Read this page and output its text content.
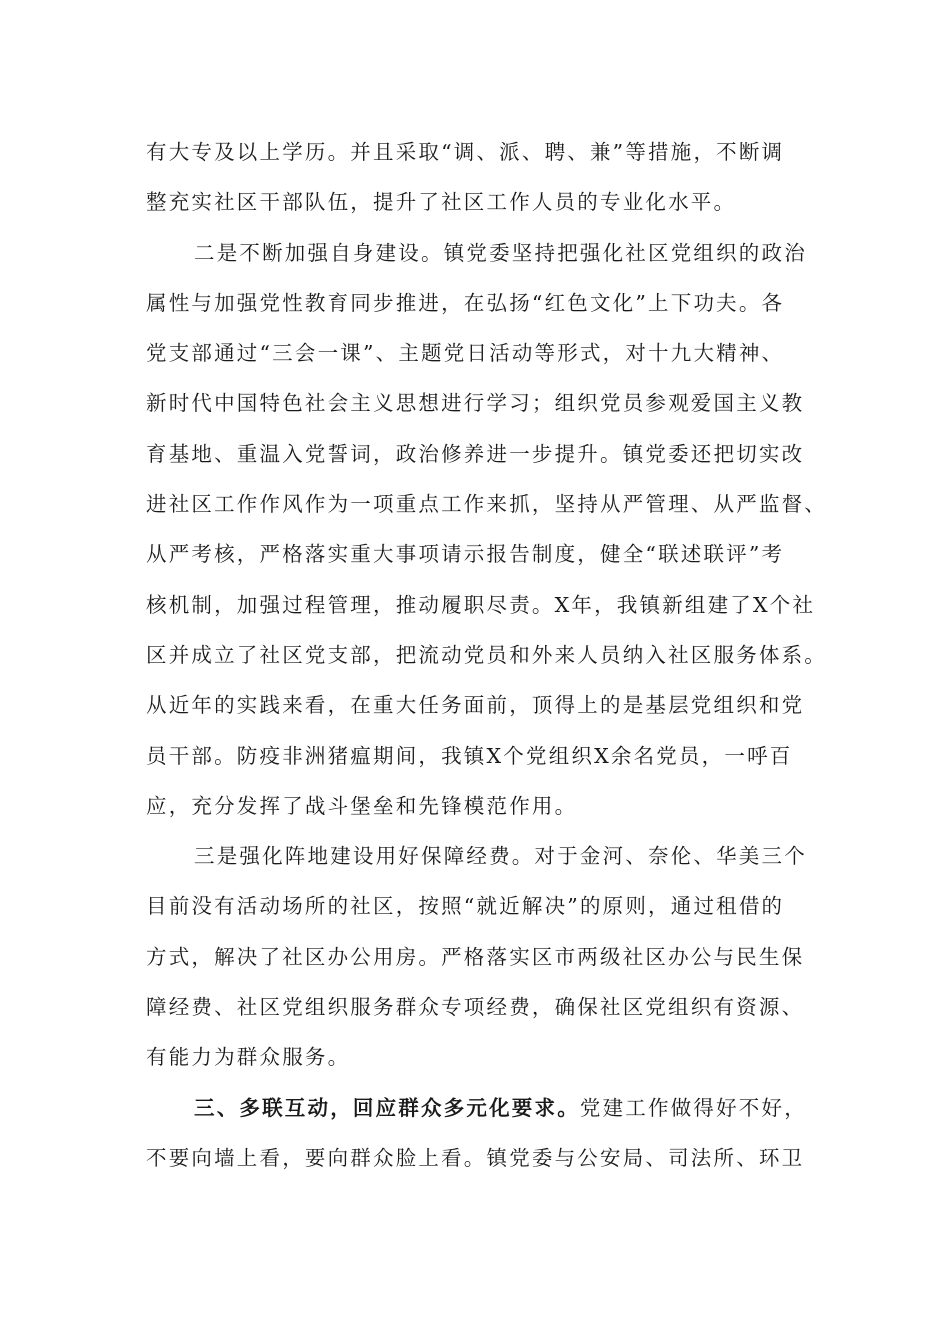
有大专及以上学历。并且采取“调、派、聘、兼”等措施，不断调
整充实社区干部队伍，提升了社区工作人员的专业化水平。
二是不断加强自身建设。镇党委坚持把强化社区党组织的政治
属性与加强党性教育同步推进，在弘扬“红色文化”上下功夫。各
党支部通过“三会一课”、主题党日活动等形式，对十九大精神、
新时代中国特色社会主义思想进行学习；组织党员参观爱国主义教
育基地、重温入党誓词，政治修养进一步提升。镇党委还把切实改
进社区工作作风作为一项重点工作来抓，坚持从严管理、从严监督、
从严考核，严格落实重大事项请示报告制度，健全“联述联评”考
核机制，加强过程管理，推动履职尽责。X年，我镇新组建了X个社
区并成立了社区党支部，把流动党员和外来人员纳入社区服务体系。
从近年的实践来看，在重大任务面前，顶得上的是基层党组织和党
员干部。防疫非洲猪瘟期间，我镇X个党组织X余名党员，一呼百
应，充分发挥了战斗堡垒和先锋模范作用。
三是强化阵地建设用好保障经费。对于金河、奈伦、华美三个
目前没有活动场所的社区，按照“就近解决”的原则，通过租借的
方式，解决了社区办公用房。严格落实区市两级社区办公与民生保
障经费、社区党组织服务群众专项经费，确保社区党组织有资源、
有能力为群众服务。
三、多联互动，回应群众多元化要求。党建工作做得好不好，
不要向墙上看，要向群众脸上看。镇党委与公安局、司法所、环卫
